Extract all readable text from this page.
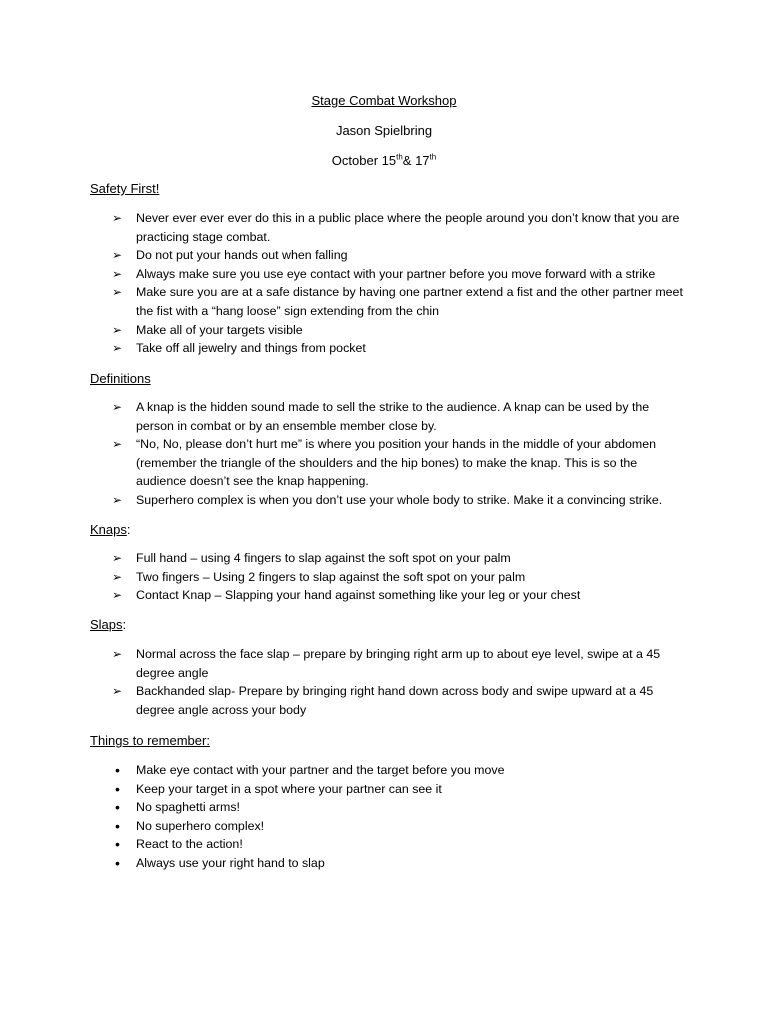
Stage Combat Workshop
Jason Spielbring
October 15th& 17th
Safety First!
➢ Never ever ever ever do this in a public place where the people around you don’t know that you are practicing stage combat.
➢ Do not put your hands out when falling
➢ Always make sure you use eye contact with your partner before you move forward with a strike
➢ Make sure you are at a safe distance by having one partner extend a fist and the other partner meet the fist with a “hang loose” sign extending from the chin
➢ Make all of your targets visible
➢ Take off all jewelry and things from pocket
Definitions
➢ A knap is the hidden sound made to sell the strike to the audience. A knap can be used by the person in combat or by an ensemble member close by.
➢ “No, No, please don’t hurt me” is where you position your hands in the middle of your abdomen (remember the triangle of the shoulders and the hip bones) to make the knap. This is so the audience doesn’t see the knap happening.
➢ Superhero complex is when you don’t use your whole body to strike. Make it a convincing strike.
Knaps:
➢ Full hand – using 4 fingers to slap against the soft spot on your palm
➢ Two fingers – Using 2 fingers to slap against the soft spot on your palm
➢ Contact Knap – Slapping your hand against something like your leg or your chest
Slaps:
➢ Normal across the face slap – prepare by bringing right arm up to about eye level, swipe at a 45 degree angle
➢ Backhanded slap- Prepare by bringing right hand down across body and swipe upward at a 45 degree angle across your body
Things to remember:
• Make eye contact with your partner and the target before you move
• Keep your target in a spot where your partner can see it
• No spaghetti arms!
• No superhero complex!
• React to the action!
• Always use your right hand to slap
